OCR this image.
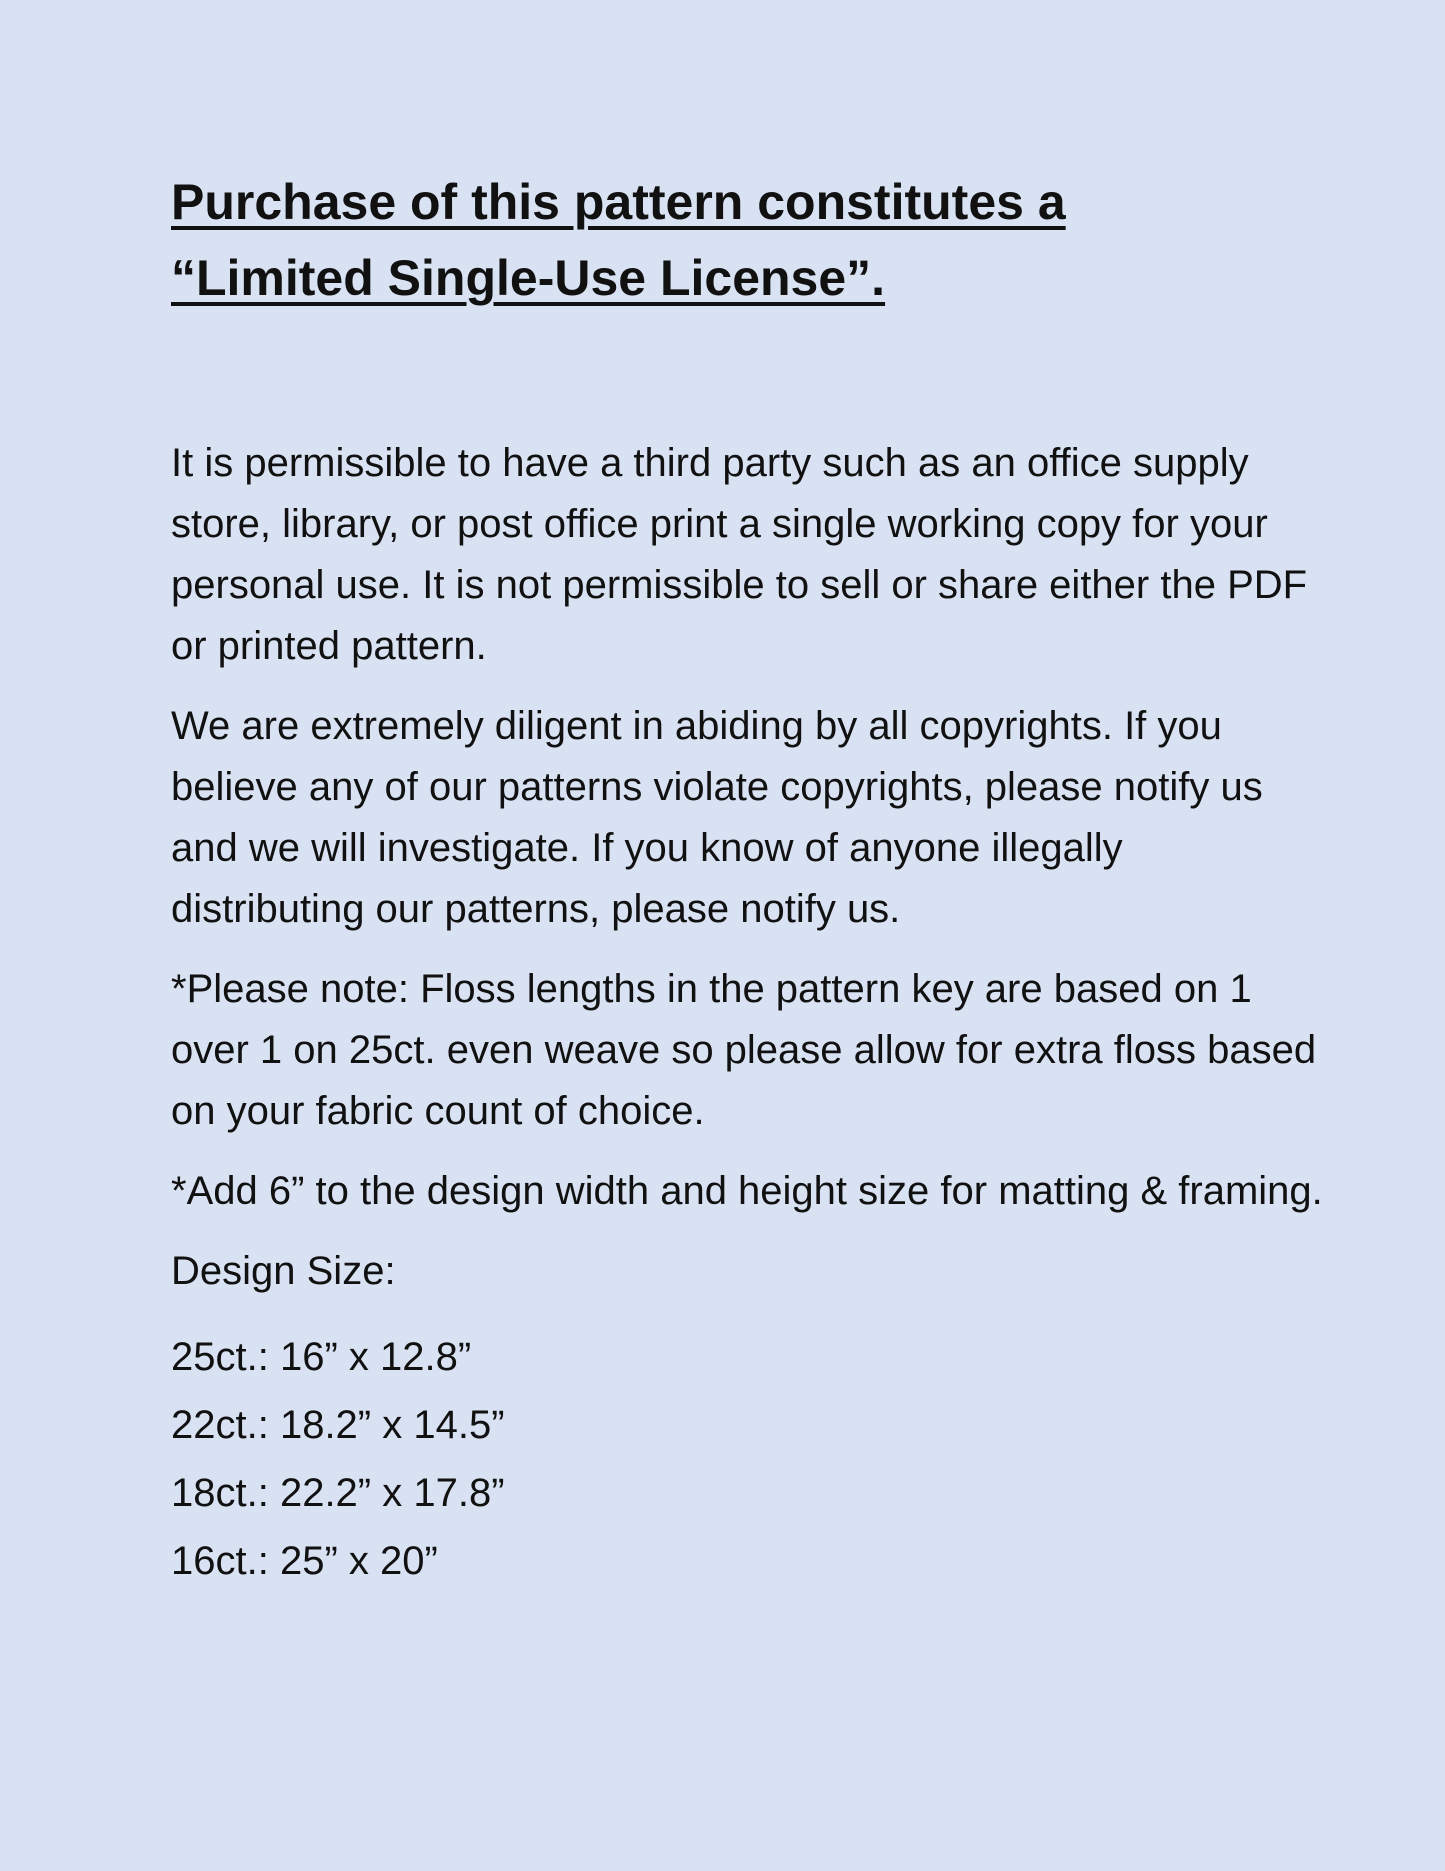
Purchase of this pattern constitutes a
“Limited Single-Use License”.

It is permissible to have a third party such as an office supply store, library, or post office print a single working copy for your personal use. It is not permissible to sell or share either the PDF or printed pattern.

We are extremely diligent in abiding by all copyrights. If you believe any of our patterns violate copyrights, please notify us and we will investigate. If you know of anyone illegally distributing our patterns, please notify us.

*Please note: Floss lengths in the pattern key are based on 1 over 1 on 25ct. even weave so please allow for extra floss based on your fabric count of choice.

*Add 6” to the design width and height size for matting & framing.

Design Size:

25ct.: 16” x 12.8”
22ct.: 18.2” x 14.5”
18ct.: 22.2” x 17.8”
16ct.: 25” x 20”
